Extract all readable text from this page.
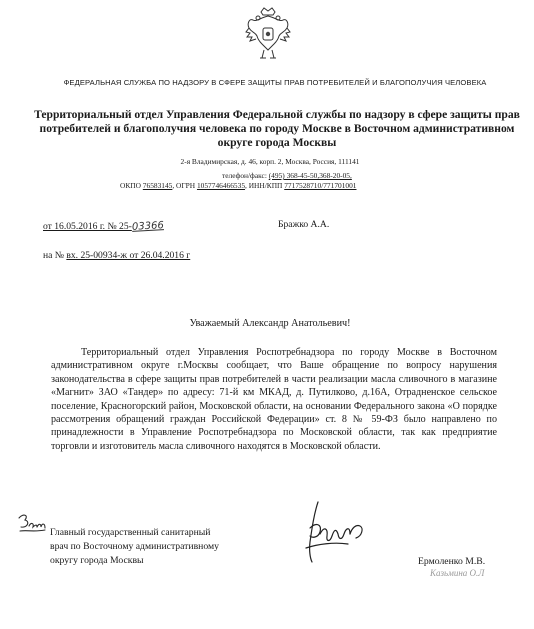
ФЕДЕРАЛЬНАЯ СЛУЖБА ПО НАДЗОРУ В СФЕРЕ ЗАЩИТЫ ПРАВ ПОТРЕБИТЕЛЕЙ И БЛАГОПОЛУЧИЯ ЧЕЛОВЕКА
Территориальный отдел Управления Федеральной службы по надзору в сфере защиты прав потребителей и благополучия человека по городу Москве в Восточном административном округе города Москвы
2-я Владимирская, д. 46, корп. 2, Москва, Россия, 111141
телефон/факс: (495) 368-45-50,368-20-05,
ОКПО 76583145, ОГРН 1057746466535, ИНН/КПП 7717528710/771701001
от 16.05.2016 г. № 25-03366
на № вх. 25-00934-ж от 26.04.2016 г
Бражко А.А.
Уважаемый Александр Анатольевич!

Территориальный отдел Управления Роспотребнадзора по городу Москве в Восточном административном округе г.Москвы сообщает, что Ваше обращение по вопросу нарушения законодательства в сфере защиты прав потребителей в части реализации масла сливочного в магазине «Магнит» ЗАО «Тандер» по адресу: 71-й км МКАД, д. Путилково, д.16А, Отрадненское сельское поселение, Красногорский район, Московской области, на основании Федерального закона «О порядке рассмотрения обращений граждан Российской Федерации» ст. 8 № 59-ФЗ было направлено по принадлежности в Управление Роспотребнадзора по Московской области, так как предприятие торговли и изготовитель масла сливочного находятся в Московской области.

Главный государственный санитарный
врач по Восточному административному
округу города Москвы	Ермоленко М.В.
Казьмина О.Л
